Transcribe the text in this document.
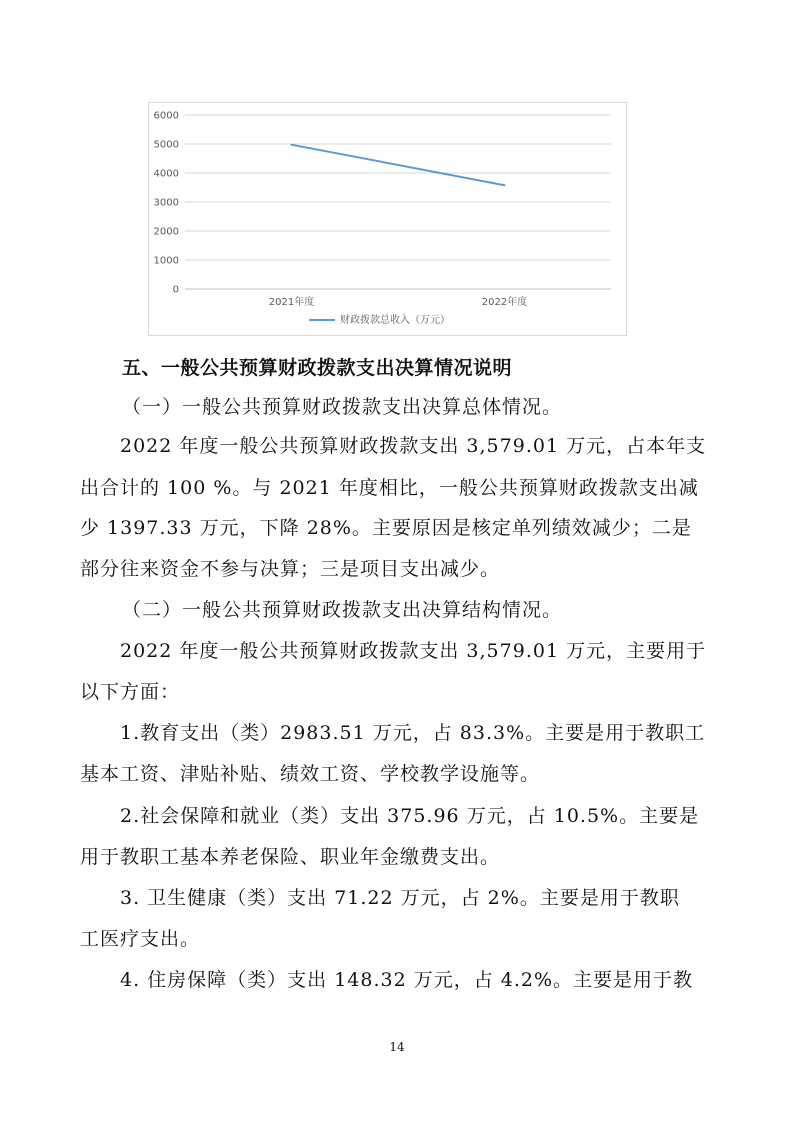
0
1000
2000
3000
4000
5000
6000
2021年度	2022年度
财政拨款总收入（万元）
五、一般公共预算财政拨款支出决算情况说明
（一）一般公共预算财政拨款支出决算总体情况。
2022 年度一般公共预算财政拨款支出 3,579.01 万元，占本年支
出合计的 100 %。与 2021 年度相比，一般公共预算财政拨款支出减
少 1397.33 万元，下降 28%。主要原因是核定单列绩效减少；二是
部分往来资金不参与决算；三是项目支出减少。
（二）一般公共预算财政拨款支出决算结构情况。
2022 年度一般公共预算财政拨款支出 3,579.01 万元，主要用于
以下方面：
1.教育支出（类）2983.51 万元，占 83.3%。主要是用于教职工
基本工资、津贴补贴、绩效工资、学校教学设施等。
2.社会保障和就业（类）支出 375.96 万元，占 10.5%。主要是
用于教职工基本养老保险、职业年金缴费支出。
3. 卫生健康（类）支出 71.22 万元，占 2%。主要是用于教职
工医疗支出。
4. 住房保障（类）支出 148.32 万元，占 4.2%。主要是用于教
14
